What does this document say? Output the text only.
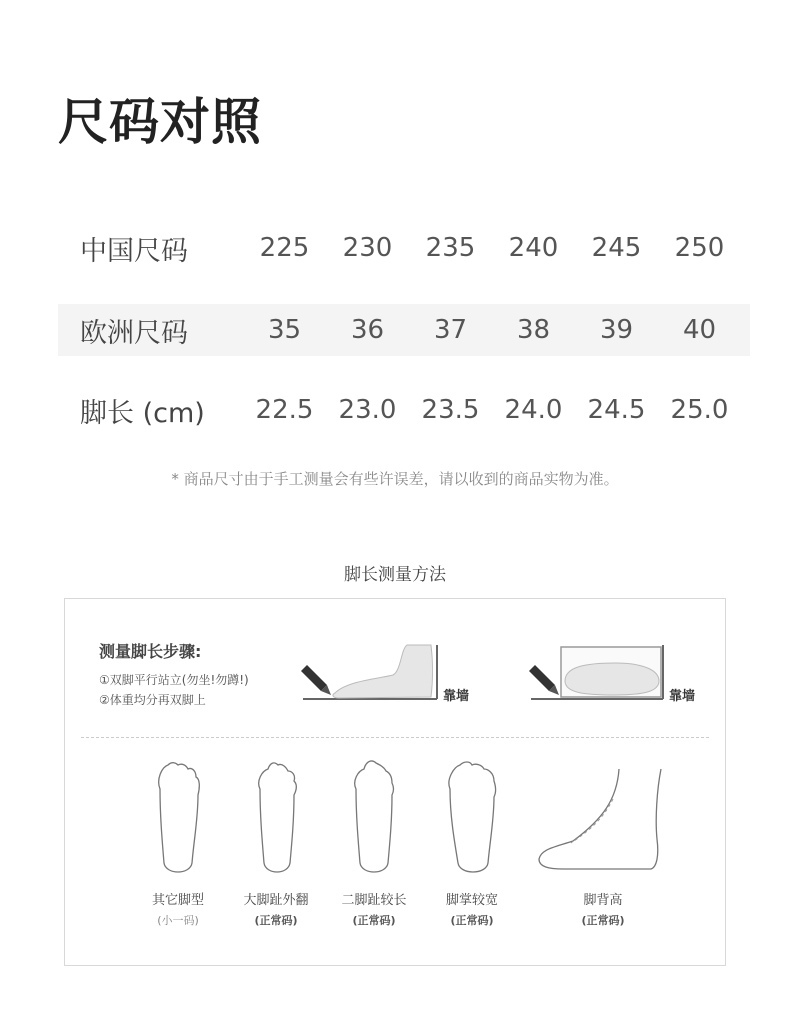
尺码对照
中国尺码	225	230	235	240	245	250
欧洲尺码	35	36	37	38	39	40
脚长 (cm)	22.5 23.0 23.5 24.0 24.5 25.0
* 商品尺寸由于手工测量会有些许误差，请以收到的商品实物为准。
脚长测量方法
测量脚长步骤:
①双脚平行站立(勿坐!勿蹲!)
②体重均分再双脚上	靠墙	靠墙
其它脚型
(小一码)
大脚趾外翻
(正常码)
二脚趾较长
(正常码)
脚掌较宽
(正常码)
脚背高
(正常码)
